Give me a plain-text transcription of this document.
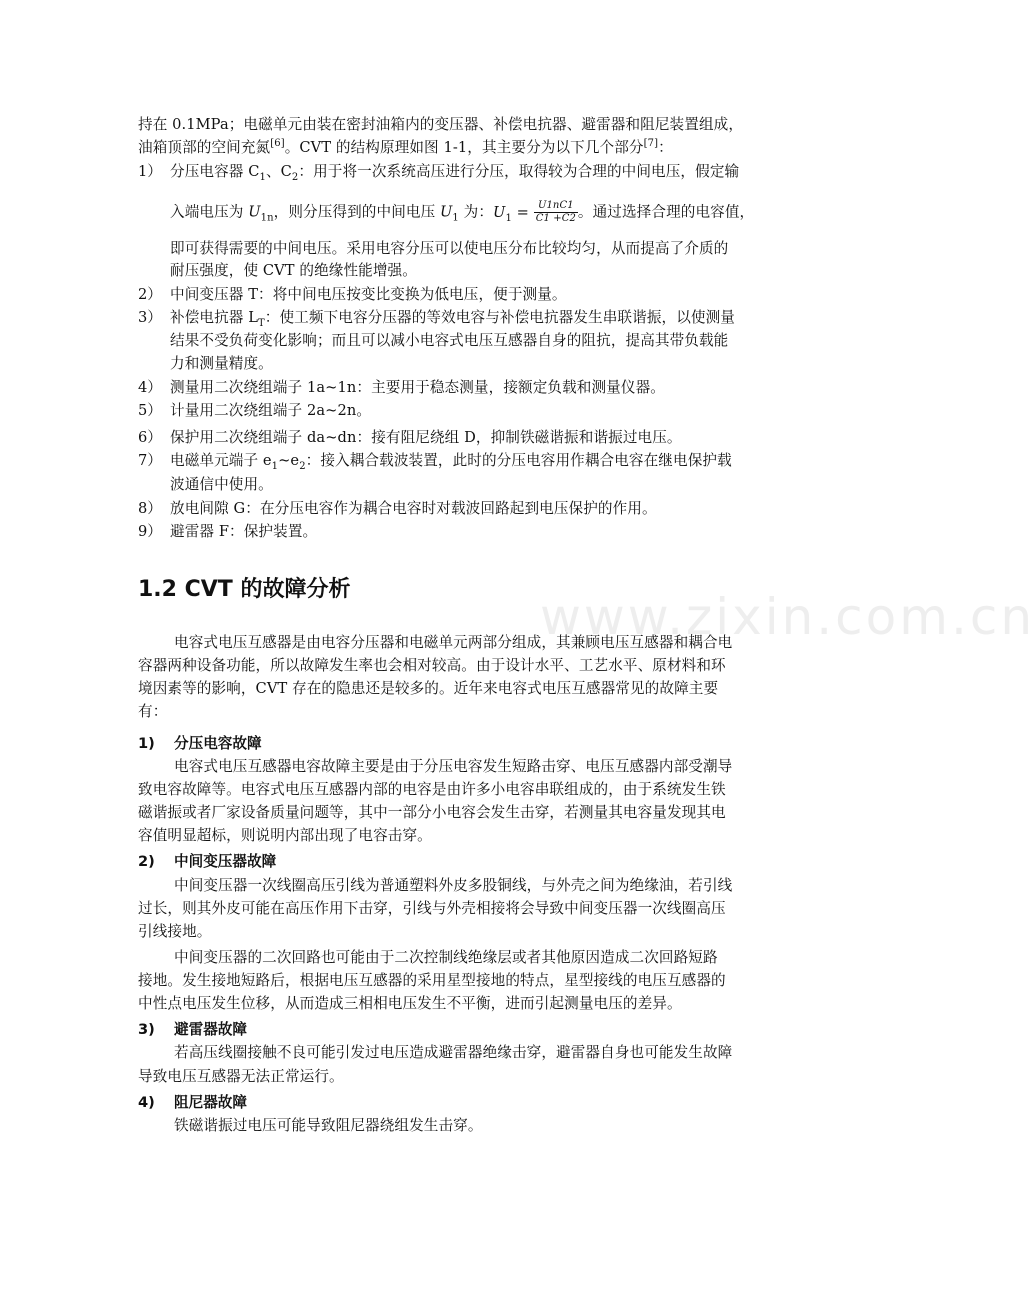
www.zixin.com.cn
持在 0.1MPa；电磁单元由装在密封油箱内的变压器、补偿电抗器、避雷器和阻尼装置组成，
油箱顶部的空间充氮[6]。CVT 的结构原理如图 1-1，其主要分为以下几个部分[7]：
1） 分压电容器 $C_1$、$C_2$：用于将一次系统高压进行分压，取得较为合理的中间电压，假定输
入端电压为 $U_{1n}$，则分压得到的中间电压 $U_1$ 为：$U_1 = \frac{U1nC1}{C1 +C2}$ 。通过选择合理的电容值，
即可获得需要的中间电压。采用电容分压可以使电压分布比较均匀，从而提高了介质的
耐压强度，使 CVT 的绝缘性能增强。
2） 中间变压器 T：将中间电压按变比变换为低电压，便于测量。
3） 补偿电抗器 $L_T$：使工频下电容分压器的等效电容与补偿电抗器发生串联谐振，以使测量
结果不受负荷变化影响；而且可以减小电容式电压互感器自身的阻抗，提高其带负载能
力和测量精度。
4） 测量用二次绕组端子 1a~1n：主要用于稳态测量，接额定负载和测量仪器。
5） 计量用二次绕组端子 2a~2n。
6） 保护用二次绕组端子 da~dn：接有阻尼绕组 D，抑制铁磁谐振和谐振过电压。
7） 电磁单元端子 $e_1\sim e_2$：接入耦合载波装置，此时的分压电容用作耦合电容在继电保护载
波通信中使用。
8） 放电间隙 G：在分压电容作为耦合电容时对载波回路起到电压保护的作用。
9） 避雷器 F：保护装置。
1.2 CVT 的故障分析
电容式电压互感器是由电容分压器和电磁单元两部分组成，其兼顾电压互感器和耦合电
容器两种设备功能，所以故障发生率也会相对较高。由于设计水平、工艺水平、原材料和环
境因素等的影响，CVT 存在的隐患还是较多的。近年来电容式电压互感器常见的故障主要
有：
1) 分压电容故障
电容式电压互感器电容故障主要是由于分压电容发生短路击穿、电压互感器内部受潮导
致电容故障等。电容式电压互感器内部的电容是由许多小电容串联组成的，由于系统发生铁
磁谐振或者厂家设备质量问题等，其中一部分小电容会发生击穿，若测量其电容量发现其电
容值明显超标，则说明内部出现了电容击穿。
2) 中间变压器故障
中间变压器一次线圈高压引线为普通塑料外皮多股铜线，与外壳之间为绝缘油，若引线
过长，则其外皮可能在高压作用下击穿，引线与外壳相接将会导致中间变压器一次线圈高压
引线接地。
中间变压器的二次回路也可能由于二次控制线绝缘层或者其他原因造成二次回路短路
接地。发生接地短路后，根据电压互感器的采用星型接地的特点，星型接线的电压互感器的
中性点电压发生位移，从而造成三相相电压发生不平衡，进而引起测量电压的差异。
3) 避雷器故障
若高压线圈接触不良可能引发过电压造成避雷器绝缘击穿，避雷器自身也可能发生故障
导致电压互感器无法正常运行。
4) 阻尼器故障
铁磁谐振过电压可能导致阻尼器绕组发生击穿。
